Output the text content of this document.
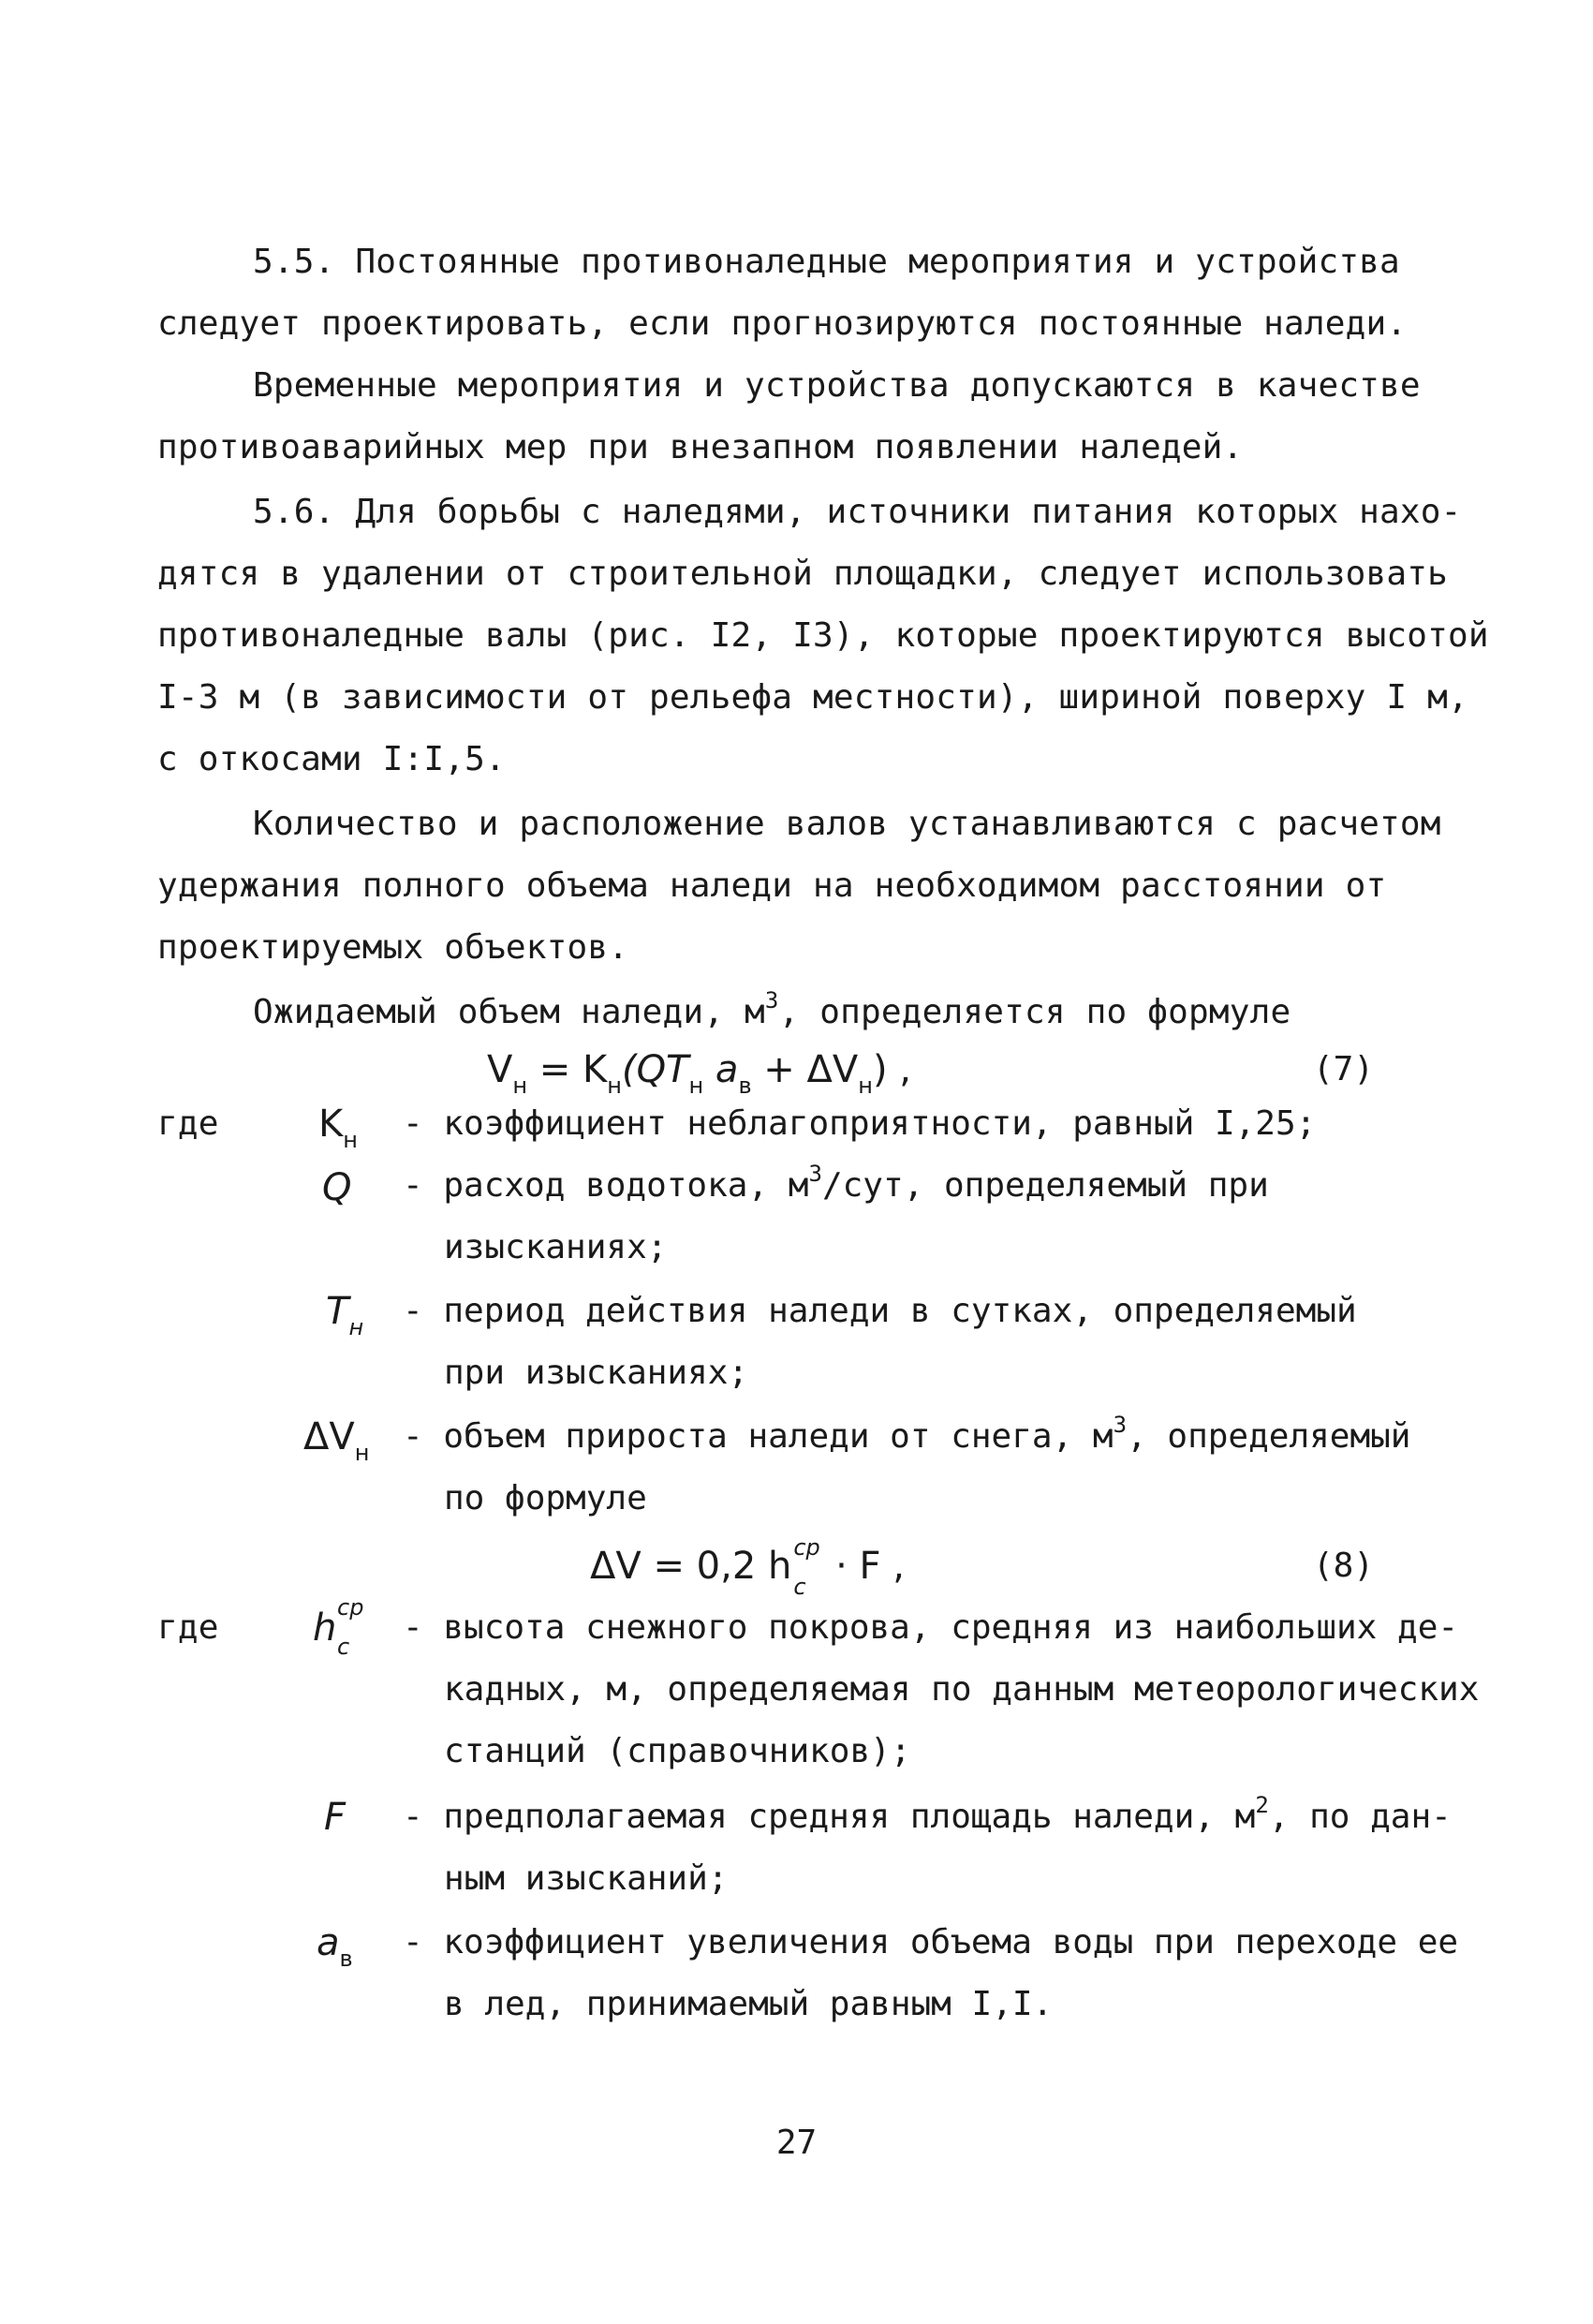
5.5. Постоянные противоналедные мероприятия и устройства
следует проектировать, если прогнозируются постоянные наледи.
Временные мероприятия и устройства допускаются в качестве
противоаварийных мер при внезапном появлении наледей.
5.6. Для борьбы с наледями, источники питания которых нахо-
дятся в удалении от строительной площадки, следует использовать
противоналедные валы (рис. I2, I3), которые проектируются высотой
I-3 м (в зависимости от рельефа местности), шириной поверху I м,
с откосами I:I,5.
Количество и расположение валов устанавливаются с расчетом
удержания полного объема наледи на необходимом расстоянии от
проектируемых объектов.
Ожидаемый объем наледи, $м^3$, определяется по формуле
$V_н = K_н(QT_н$ $a_в + \Delta V_н$) ,	(7)
где	$K_н$ - коэффициент неблагоприятности, равный I,25;
Q - расход водотока, $м^3$/сут, определяемый при
изысканиях;
$T_н$ - период действия наледи в сутках, определяемый
при изысканиях;
$\Delta V_н$ - объем прироста наледи от снега, $м^3$, определяемый
по формуле
ΔV = 0,2 h ср
с · F ,	(8)
где	h ср
с - высота снежного покрова, средняя из наибольших де-
кадных, м, определяемая по данным метеорологических
станций (справочников);
F - предполагаемая средняя площадь наледи, $м^2$, по дан-
ным изысканий;
$a_в$ - коэффициент увеличения объема воды при переходе ее
в лед, принимаемый равным I,I.
27
